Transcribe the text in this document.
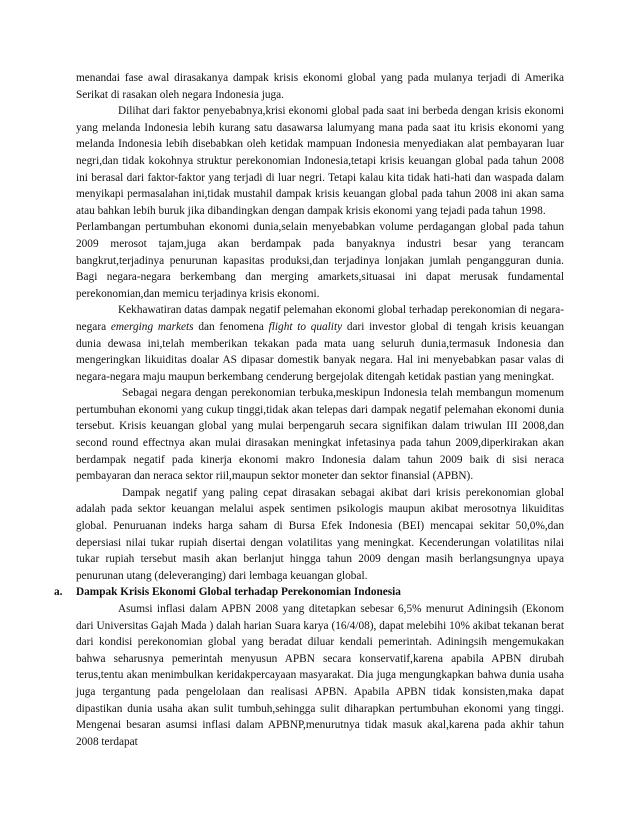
menandai fase awal dirasakanya dampak krisis ekonomi global yang pada mulanya terjadi di Amerika Serikat di rasakan oleh negara Indonesia juga.

Dilihat dari faktor penyebabnya,krisi ekonomi global pada saat ini berbeda dengan krisis ekonomi yang melanda Indonesia lebih kurang satu dasawarsa lalumyang mana pada saat itu krisis ekonomi yang melanda Indonesia lebih disebabkan oleh ketidak mampuan Indonesia menyediakan alat pembayaran luar negri,dan tidak kokohnya struktur perekonomian Indonesia,tetapi krisis keuangan global pada tahun 2008 ini berasal dari faktor-faktor yang terjadi di luar negri. Tetapi kalau kita tidak hati-hati dan waspada dalam menyikapi permasalahan ini,tidak mustahil dampak krisis keuangan global pada tahun 2008 ini akan sama atau bahkan lebih buruk jika dibandingkan dengan dampak krisis ekonomi yang tejadi pada tahun 1998.

Perlambangan pertumbuhan ekonomi dunia,selain menyebabkan volume perdagangan global pada tahun 2009 merosot tajam,juga akan berdampak pada banyaknya industri besar yang terancam bangkrut,terjadinya penurunan kapasitas produksi,dan terjadinya lonjakan jumlah pengangguran dunia. Bagi negara-negara berkembang dan merging amarkets,situasai ini dapat merusak fundamental perekonomian,dan memicu terjadinya krisis ekonomi.

Kekhawatiran datas dampak negatif pelemahan ekonomi global terhadap perekonomian di negara-negara emerging markets dan fenomena flight to quality dari investor global di tengah krisis keuangan dunia dewasa ini,telah memberikan tekakan pada mata uang seluruh dunia,termasuk Indonesia dan mengeringkan likuiditas doalar AS dipasar domestik banyak negara. Hal ini menyebabkan pasar valas di negara-negara maju maupun berkembang cenderung bergejolak ditengah ketidak pastian yang meningkat.

Sebagai negara dengan perekonomian terbuka,meskipun Indonesia telah membangun momenum pertumbuhan ekonomi yang cukup tinggi,tidak akan telepas dari dampak negatif pelemahan ekonomi dunia tersebut. Krisis keuangan global yang mulai berpengaruh secara signifikan dalam triwulan III 2008,dan second round effectnya akan mulai dirasakan meningkat infetasinya pada tahun 2009,diperkirakan akan berdampak negatif pada kinerja ekonomi makro Indonesia dalam tahun 2009 baik di sisi neraca pembayaran dan neraca sektor riil,maupun sektor moneter dan sektor finansial (APBN).

Dampak negatif yang paling cepat dirasakan sebagai akibat dari krisis perekonomian global adalah pada sektor keuangan melalui aspek sentimen psikologis maupun akibat merosotnya likuiditas global. Penuruanan indeks harga saham di Bursa Efek Indonesia (BEI) mencapai sekitar 50,0%,dan depersiasi nilai tukar rupiah disertai dengan volatilitas yang meningkat. Kecenderungan volatilitas nilai tukar rupiah tersebut masih akan berlanjut hingga tahun 2009 dengan masih berlangsungnya upaya penurunan utang (deleveranging) dari lembaga keuangan global.

a. Dampak Krisis Ekonomi Global terhadap Perekonomian Indonesia

Asumsi inflasi dalam APBN 2008 yang ditetapkan sebesar 6,5% menurut Adiningsih (Ekonom dari Universitas Gajah Mada ) dalah harian Suara karya (16/4/08), dapat melebihi 10% akibat tekanan berat dari kondisi perekonomian global yang beradat diluar kendali pemerintah. Adiningsih mengemukakan bahwa seharusnya pemerintah menyusun APBN secara konservatif,karena apabila APBN dirubah terus,tentu akan menimbulkan keridakpercayaan masyarakat. Dia juga mengungkapkan bahwa dunia usaha juga tergantung pada pengelolaan dan realisasi APBN. Apabila APBN tidak konsisten,maka dapat dipastikan dunia usaha akan sulit tumbuh,sehingga sulit diharapkan pertumbuhan ekonomi yang tinggi. Mengenai besaran asumsi inflasi dalam APBNP,menurutnya tidak masuk akal,karena pada akhir tahun 2008 terdapat
